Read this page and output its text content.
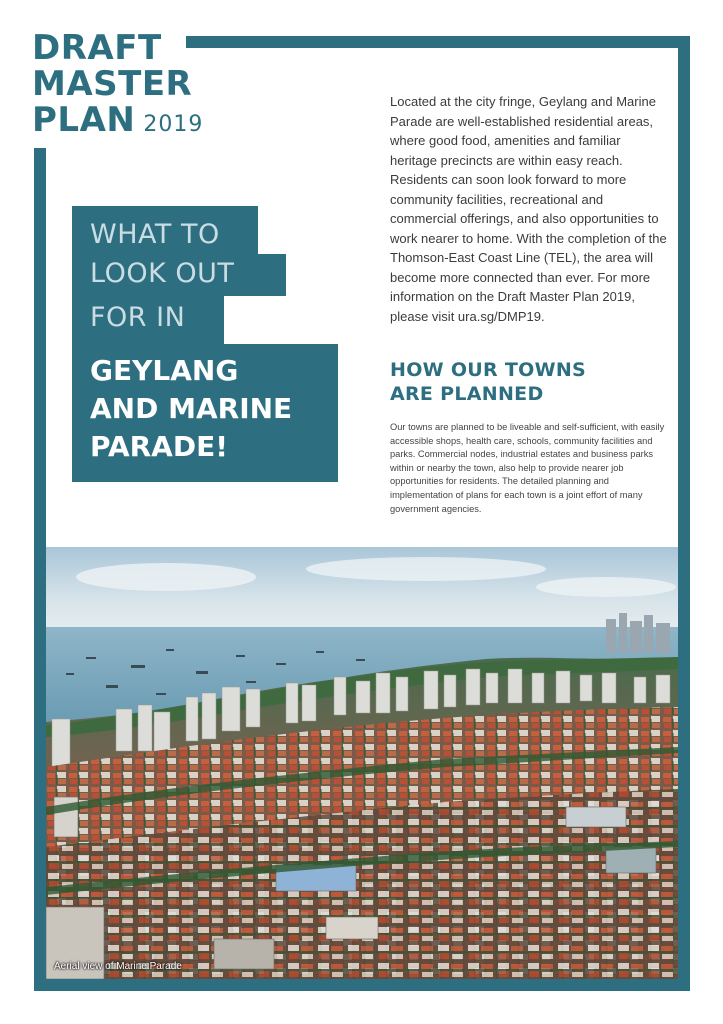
DRAFT
MASTER
PLAN 2019

Located at the city fringe, Geylang and Marine Parade are well-established residential areas, where good food, amenities and familiar heritage precincts are within easy reach. Residents can soon look forward to more community facilities, recreational and commercial offerings, and also opportunities to work nearer to home. With the completion of the Thomson-East Coast Line (TEL), the area will become more connected than ever. For more information on the Draft Master Plan 2019, please visit ura.sg/DMP19.

WHAT TO
LOOK OUT
FOR IN
GEYLANG
AND MARINE
PARADE!
HOW OUR TOWNS
ARE PLANNED

Our towns are planned to be liveable and self-sufficient, with easily accessible shops, health care, schools, community facilities and parks. Commercial nodes, industrial estates and business parks within or nearby the town, also help to provide nearer job opportunities for residents. The detailed planning and implementation of plans for each town is a joint effort of many government agencies.

Aerial view of Marine Parade
